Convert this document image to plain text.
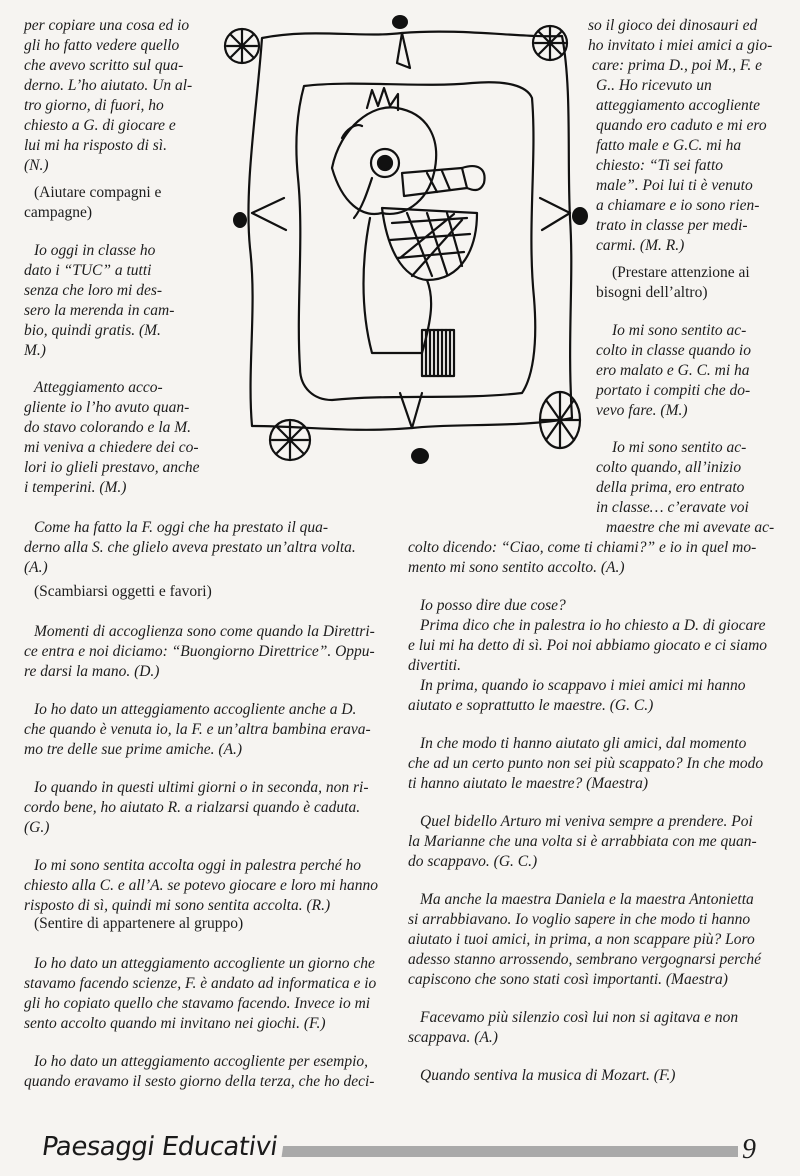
per copiare una cosa ed io
gli ho fatto vedere quello
che avevo scritto sul qua-
derno. L’ho aiutato. Un al-
tro giorno, di fuori, ho
chiesto a G. di giocare e
lui mi ha risposto di sì.
(N.)
(Aiutare compagni e
campagne)
Io oggi in classe ho
dato i “TUC” a tutti
senza che loro mi des-
sero la merenda in cam-
bio, quindi gratis. (M.
M.)
Atteggiamento acco-
gliente io l’ho avuto quan-
do stavo colorando e la M.
mi veniva a chiedere dei co-
lori io glieli prestavo, anche
i temperini. (M.)
so il gioco dei dinosauri ed
ho invitato i miei amici a gio-
care: prima D., poi M., F. e
G.. Ho ricevuto un
atteggiamento accogliente
quando ero caduto e mi ero
fatto male e G.C. mi ha
chiesto: “Ti sei fatto
male”. Poi lui ti è venuto
a chiamare e io sono rien-
trato in classe per medi-
carmi. (M. R.)
(Prestare attenzione ai
bisogni dell’altro)
Io mi sono sentito ac-
colto in classe quando io
ero malato e G. C. mi ha
portato i compiti che do-
vevo fare. (M.)
Io mi sono sentito ac-
colto quando, all’inizio
della prima, ero entrato
in classe… c’eravate voi
Come ha fatto la F. oggi che ha prestato il qua-
derno alla S. che glielo aveva prestato un’altra volta.
(A.)
(Scambiarsi oggetti e favori)
Momenti di accoglienza sono come quando la Direttri-
ce entra e noi diciamo: “Buongiorno Direttrice”. Oppu-
re darsi la mano. (D.)
Io ho dato un atteggiamento accogliente anche a D.
che quando è venuta io, la F. e un’altra bambina erava-
mo tre delle sue prime amiche. (A.)
Io quando in questi ultimi giorni o in seconda, non ri-
cordo bene, ho aiutato R. a rialzarsi quando è caduta.
(G.)
Io mi sono sentita accolta oggi in palestra perché ho
chiesto alla C. e all’A. se potevo giocare e loro mi hanno
risposto di sì, quindi mi sono sentita accolta. (R.)
(Sentire di appartenere al gruppo)
Io ho dato un atteggiamento accogliente un giorno che
stavamo facendo scienze, F. è andato ad informatica e io
gli ho copiato quello che stavamo facendo. Invece io mi
sento accolto quando mi invitano nei giochi. (F.)
Io ho dato un atteggiamento accogliente per esempio,
quando eravamo il sesto giorno della terza, che ho deci-
maestre che mi avevate ac-
colto dicendo: “Ciao, come ti chiami?” e io in quel mo-
mento mi sono sentito accolto. (A.)
Io posso dire due cose?
Prima dico che in palestra io ho chiesto a D. di giocare
e lui mi ha detto di sì. Poi noi abbiamo giocato e ci siamo
divertiti.
In prima, quando io scappavo i miei amici mi hanno
aiutato e soprattutto le maestre. (G. C.)
In che modo ti hanno aiutato gli amici, dal momento
che ad un certo punto non sei più scappato? In che modo
ti hanno aiutato le maestre? (Maestra)
Quel bidello Arturo mi veniva sempre a prendere. Poi
la Marianne che una volta si è arrabbiata con me quan-
do scappavo. (G. C.)
Ma anche la maestra Daniela e la maestra Antonietta
si arrabbiavano. Io voglio sapere in che modo ti hanno
aiutato i tuoi amici, in prima, a non scappare più? Loro
adesso stanno arrossendo, sembrano vergognarsi perché
capiscono che sono stati così importanti. (Maestra)
Facevamo più silenzio così lui non si agitava e non
scappava. (A.)
Quando sentiva la musica di Mozart. (F.)
Paesaggi Educativi	9
